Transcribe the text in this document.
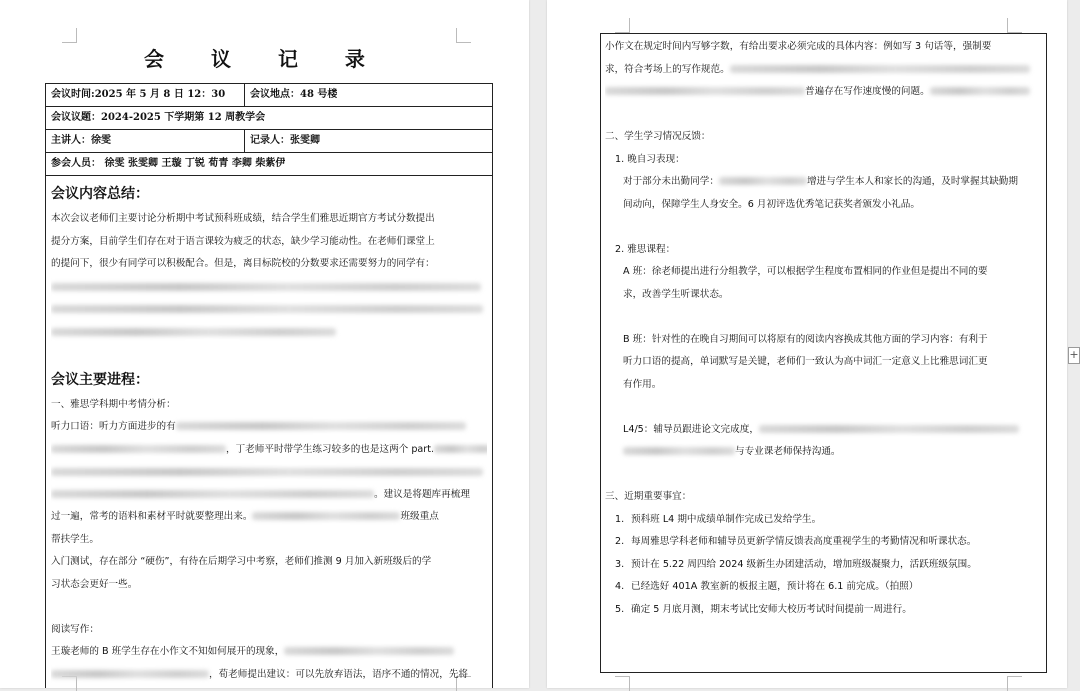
会 议 记 录
会议时间:2025 年 5 月 8 日 12：30	会议地点：48 号楼
会议议题：2024-2025 下学期第 12 周教学会
主讲人：徐雯	记录人：张雯卿
参会人员： 徐雯 张雯卿 王璇 丁锐 荀青 李卿 柴紫伊
会议内容总结：
本次会议老师们主要讨论分析期中考试预科班成绩，结合学生们雅思近期官方考试分数提出
提分方案，目前学生们存在对于语言课较为疲乏的状态，缺少学习能动性。在老师们课堂上
的提问下，很少有同学可以积极配合。但是，离目标院校的分数要求还需要努力的同学有：
会议主要进程：
一、雅思学科期中考情分析：
听力口语：听力方面进步的有
，丁老师平时带学生练习较多的也是这两个 part.
。建议是将题库再梳理
过一遍，常考的语料和素材平时就要整理出来。	班级重点
帮扶学生。
入门测试，存在部分 “硬伤”，有待在后期学习中考察，老师们推测 9 月加入新班级后的学
习状态会更好一些。
阅读写作：
王璇老师的 B 班学生存在小作文不知如何展开的现象，
，荀老师提出建议：可以先放弃语法，语序不通的情况，先将
小作文在规定时间内写够字数，有给出要求必须完成的具体内容：例如写 3 句话等，强制要
求，符合考场上的写作规范。
普遍存在写作速度慢的问题。
二、学生学习情况反馈：
1. 晚自习表现：
对于部分未出勤同学：	增进与学生本人和家长的沟通，及时掌握其缺勤期
间动向，保障学生人身安全。6 月初评选优秀笔记获奖者颁发小礼品。
2. 雅思课程：
A 班：徐老师提出进行分组教学，可以根据学生程度布置相同的作业但是提出不同的要
求，改善学生听课状态。
B 班：针对性的在晚自习期间可以将原有的阅读内容换成其他方面的学习内容：有利于
听力口语的提高，单词默写是关键，老师们一致认为高中词汇一定意义上比雅思词汇更
有作用。
L4/5：辅导员跟进论文完成度，
与专业课老师保持沟通。
三、近期重要事宜：
1. 预科班 L4 期中成绩单制作完成已发给学生。
2. 每周雅思学科老师和辅导员更新学情反馈表高度重视学生的考勤情况和听课状态。
3. 预计在 5.22 周四给 2024 级新生办团建活动，增加班级凝聚力，活跃班级氛围。
4. 已经选好 401A 教室新的板报主题，预计将在 6.1 前完成。（拍照）
5. 确定 5 月底月测，期末考试比安师大校历考试时间提前一周进行。
+
